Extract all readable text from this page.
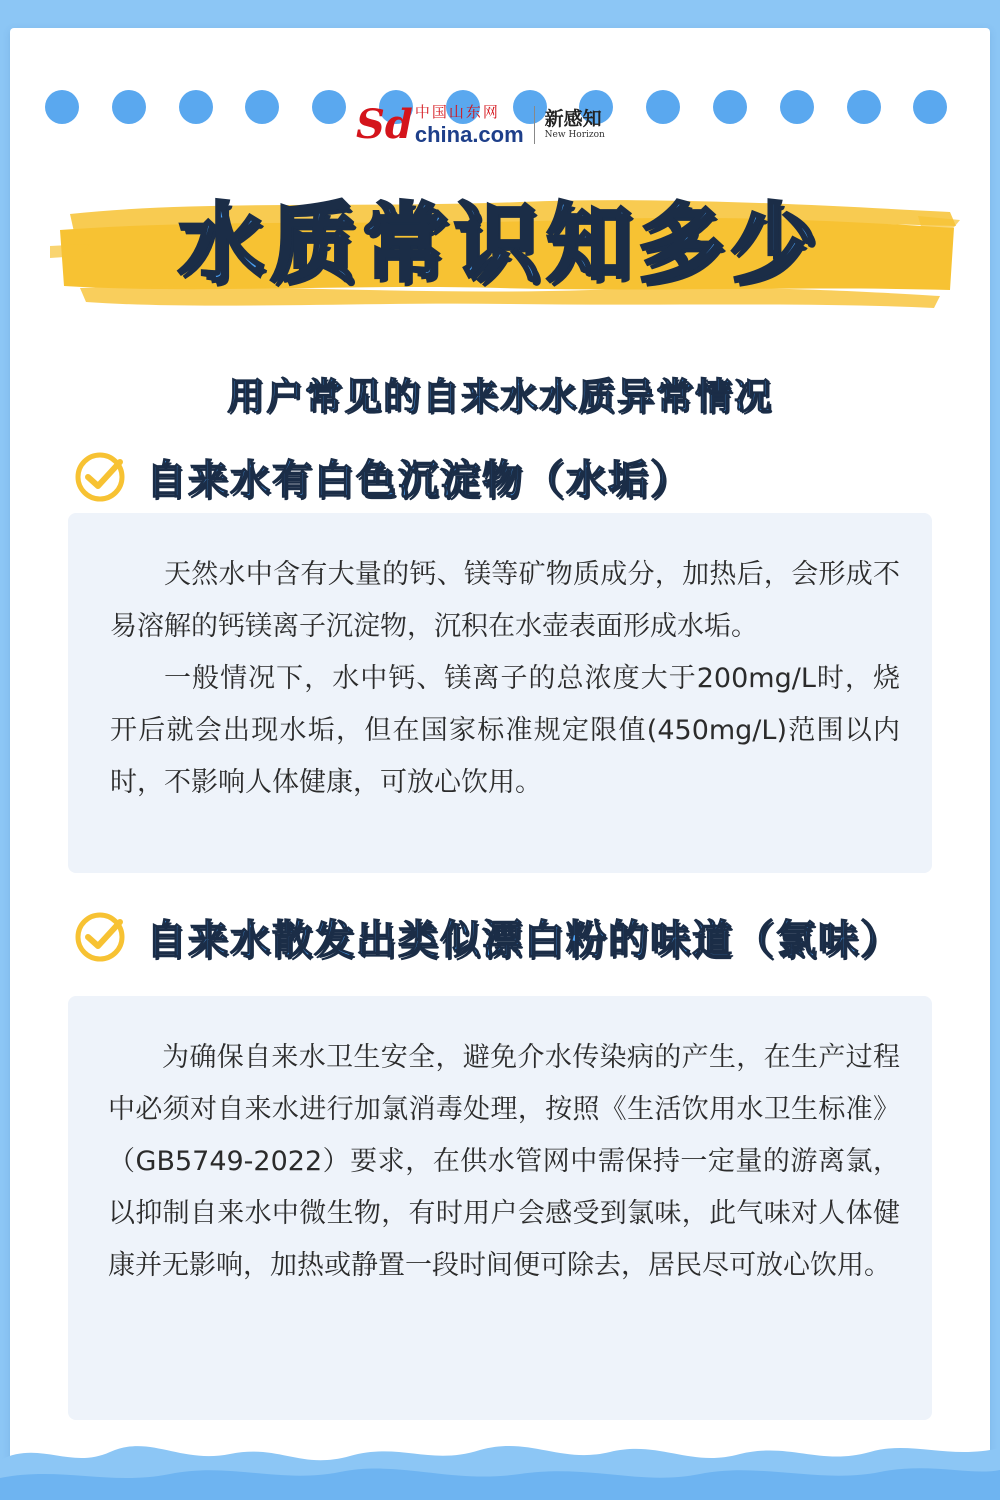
Sd 中国山东网
china.com
新感知
New Horizon
水质常识知多少
用户常见的自来水水质异常情况
自来水有白色沉淀物（水垢）

天然水中含有大量的钙、镁等矿物质成分，加热后，会形成不易溶解的钙镁离子沉淀物，沉积在水壶表面形成水垢。

一般情况下，水中钙、镁离子的总浓度大于200mg/L时，烧开后就会出现水垢，但在国家标准规定限值(450mg/L)范围以内时，不影响人体健康，可放心饮用。

自来水散发出类似漂白粉的味道（氯味）

为确保自来水卫生安全，避免介水传染病的产生，在生产过程中必须对自来水进行加氯消毒处理，按照《生活饮用水卫生标准》（GB5749-2022）要求，在供水管网中需保持一定量的游离氯，以抑制自来水中微生物，有时用户会感受到氯味，此气味对人体健康并无影响，加热或静置一段时间便可除去，居民尽可放心饮用。
